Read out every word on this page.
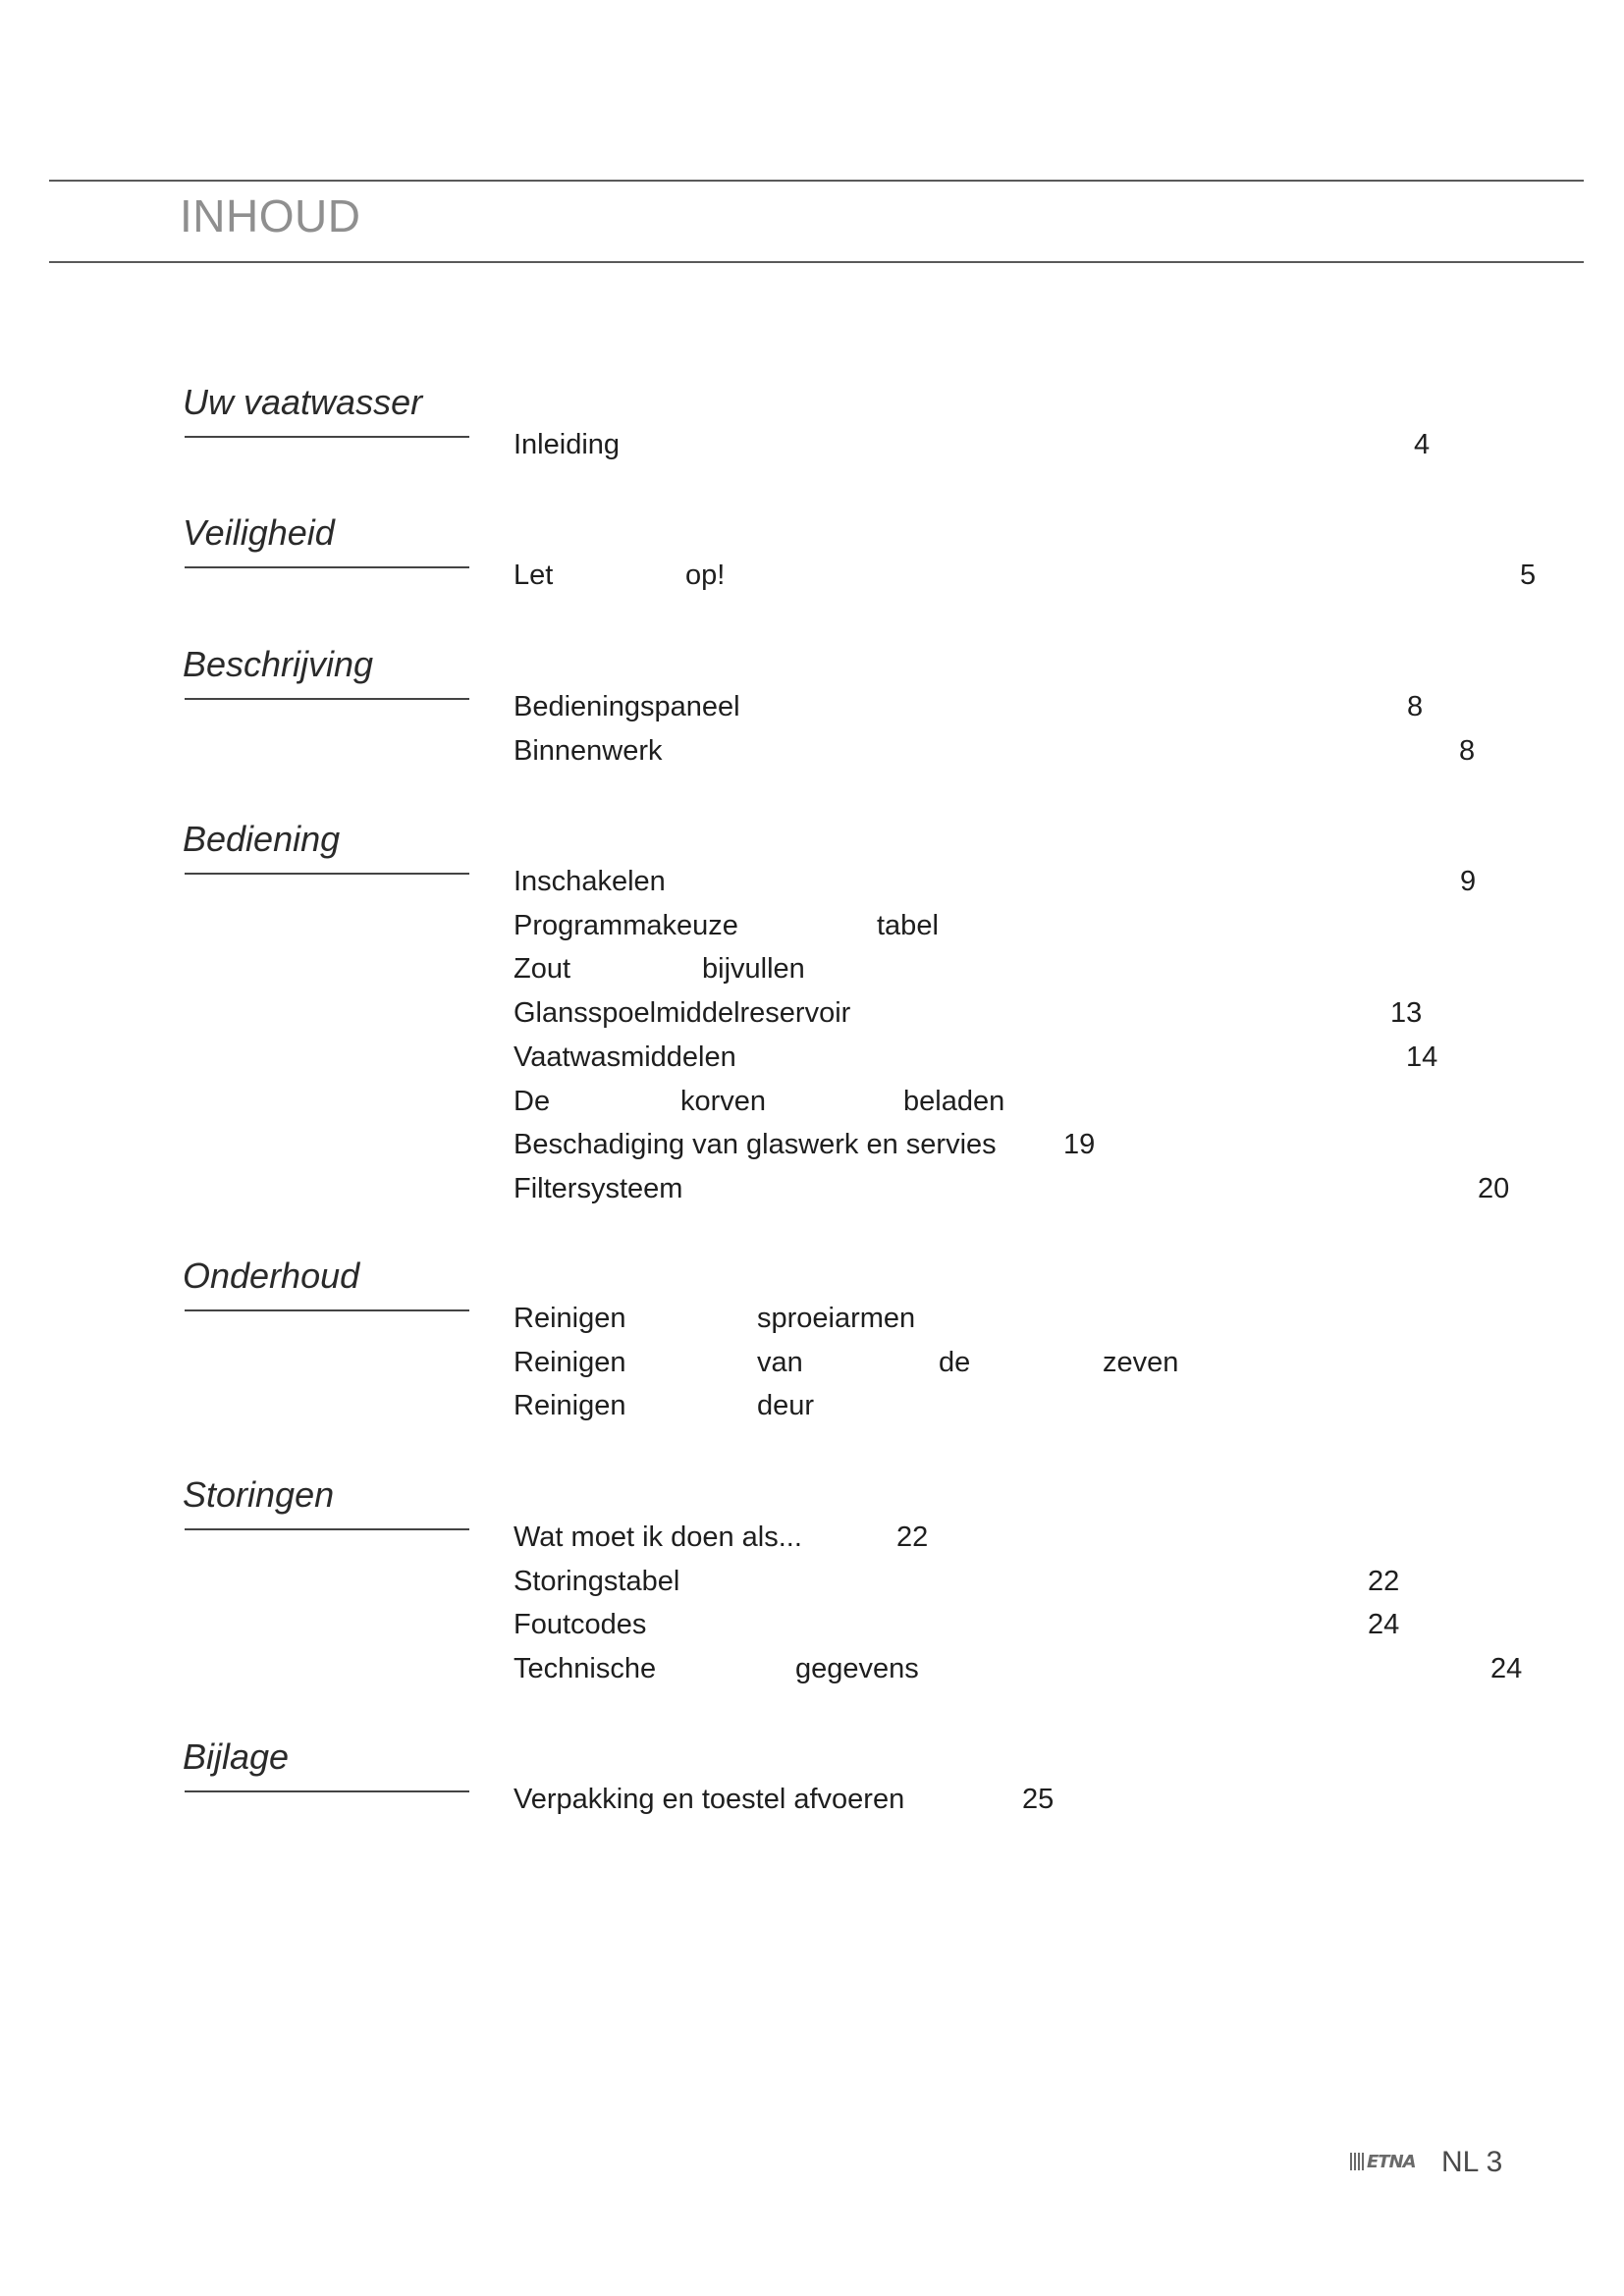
INHOUD
Uw vaatwasser
Inleiding	4
Veiligheid
Let	op!	5
Beschrijving
Bedieningspaneel	8
Binnenwerk	8
Bediening
Inschakelen	9
Programmakeuze	tabel
Zout	bijvullen
Glansspoelmiddelreservoir	13
Vaatwasmiddelen	14
De	korven	beladen
Beschadiging van glaswerk en servies 19
Filtersysteem	20
Onderhoud
Reinigen	sproeiarmen
Reinigen	van	de	zeven
Reinigen	deur
Storingen
Wat moet ik doen als...	22
Storingstabel	22
Foutcodes	24
Technische	gegevens	24
Bijlage
Verpakking en toestel afvoeren	25
ETNA NL 3
